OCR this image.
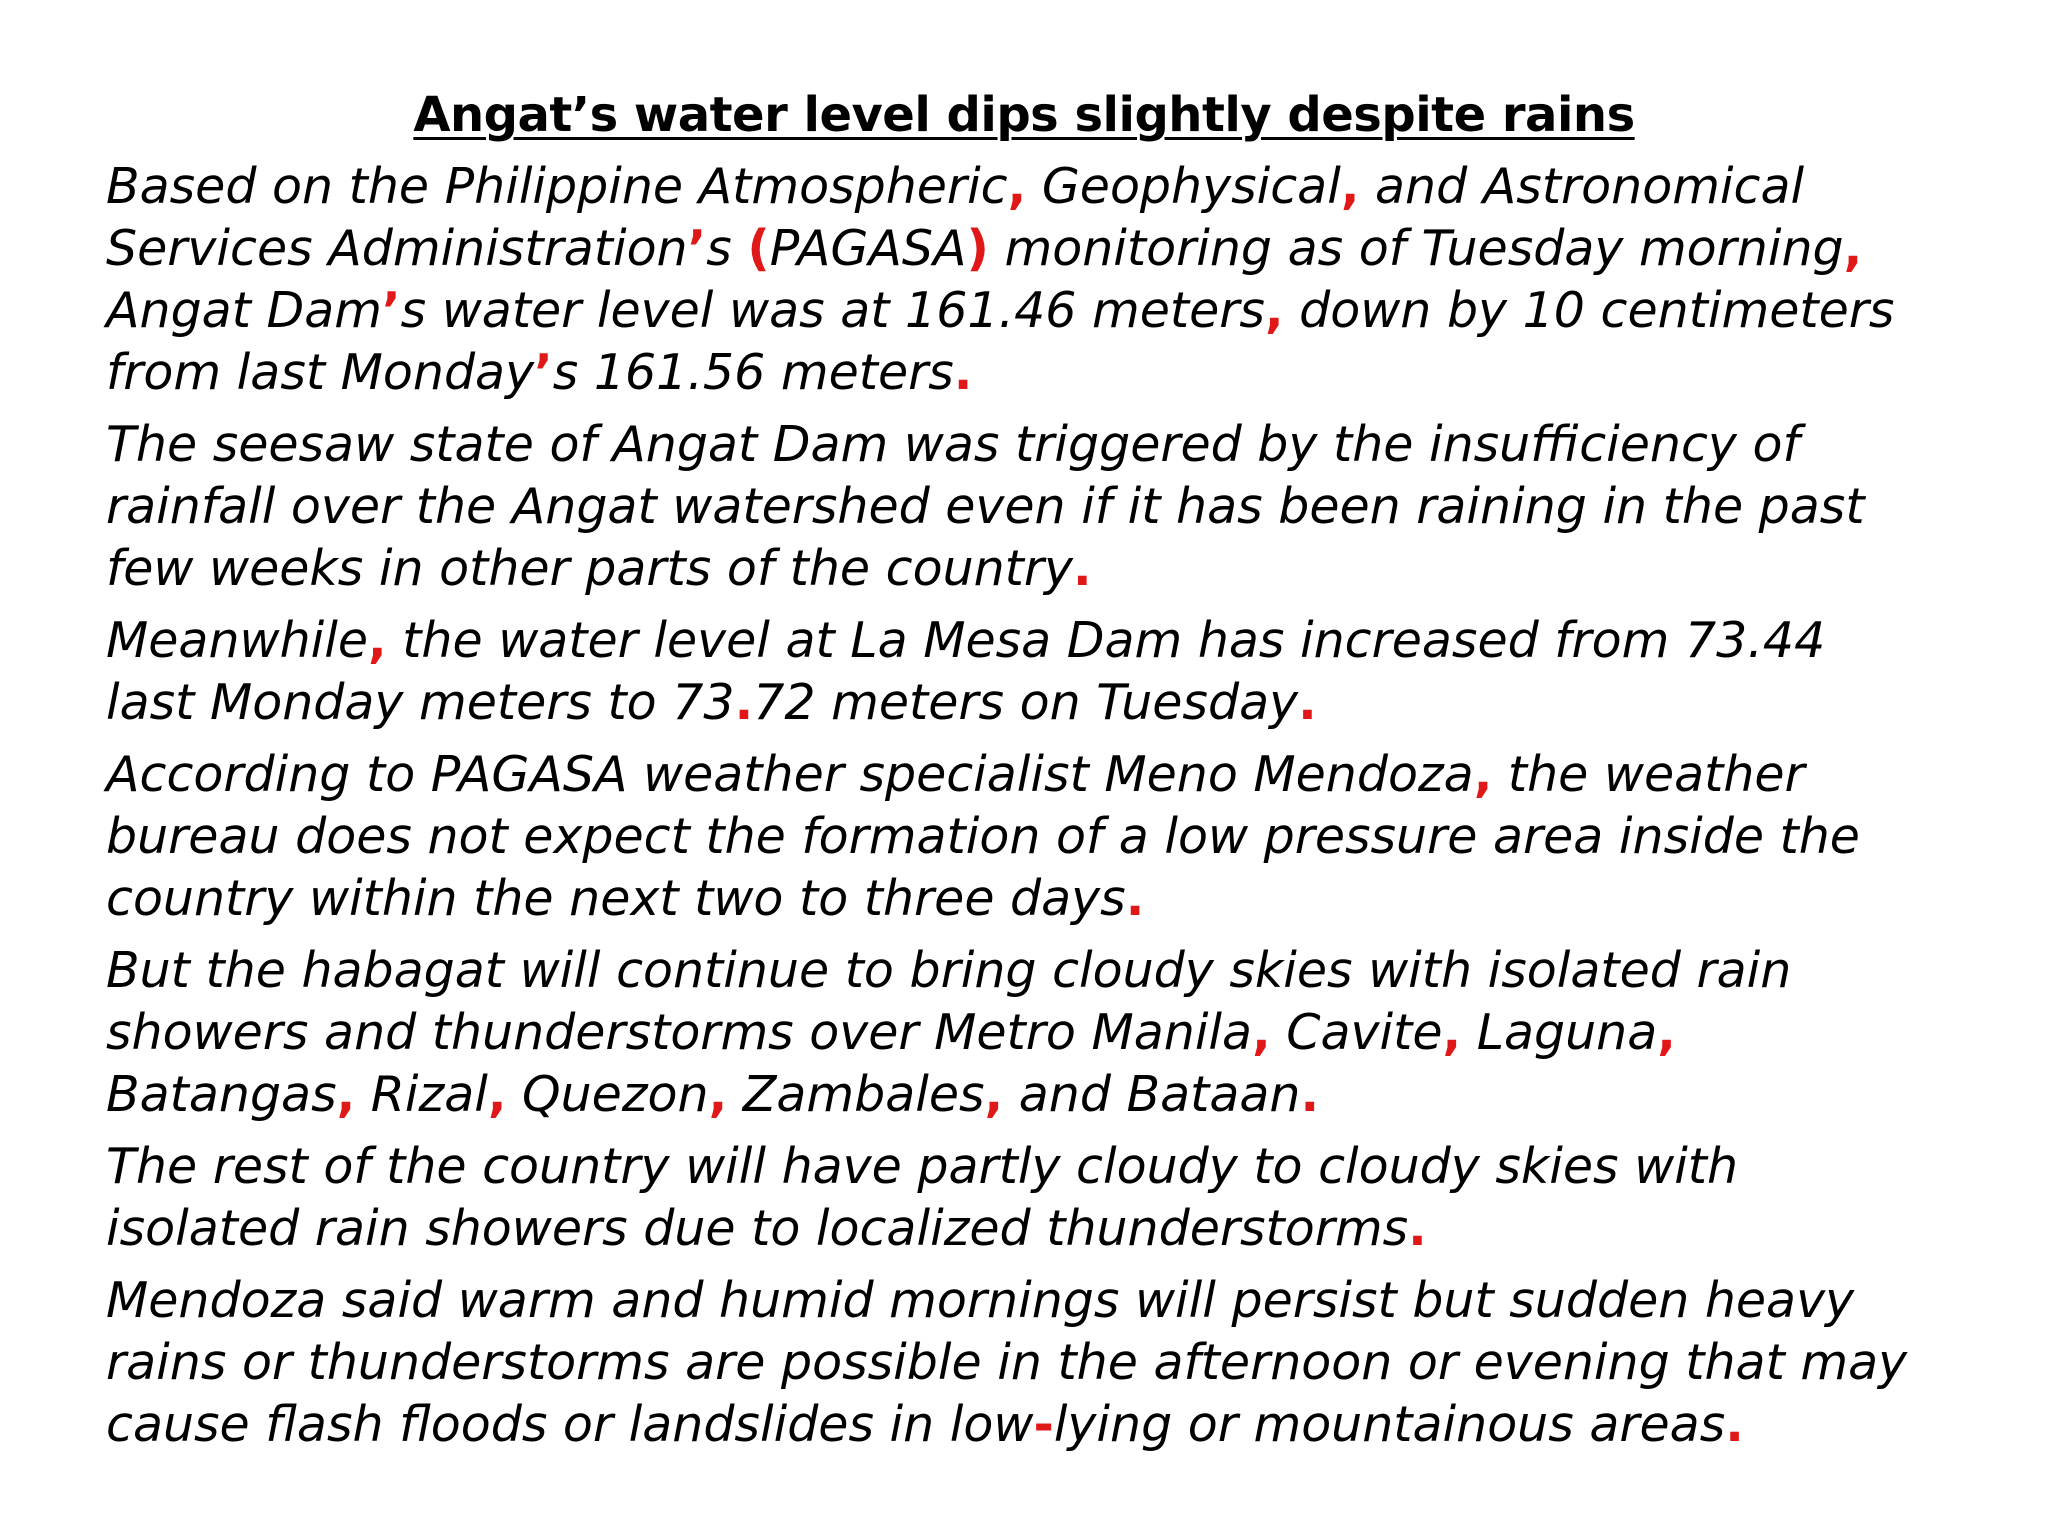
Angat’s water level dips slightly despite rains

Based on the Philippine Atmospheric, Geophysical, and Astronomical
Services Administration’s (PAGASA) monitoring as of Tuesday morning,
Angat Dam’s water level was at 161.46 meters, down by 10 centimeters
from last Monday’s 161.56 meters.

The seesaw state of Angat Dam was triggered by the insufficiency of
rainfall over the Angat watershed even if it has been raining in the past
few weeks in other parts of the country.

Meanwhile, the water level at La Mesa Dam has increased from 73.44
last Monday meters to 73.72 meters on Tuesday.

According to PAGASA weather specialist Meno Mendoza, the weather
bureau does not expect the formation of a low pressure area inside the
country within the next two to three days.

But the habagat will continue to bring cloudy skies with isolated rain
showers and thunderstorms over Metro Manila, Cavite, Laguna,
Batangas, Rizal, Quezon, Zambales, and Bataan.

The rest of the country will have partly cloudy to cloudy skies with
isolated rain showers due to localized thunderstorms.

Mendoza said warm and humid mornings will persist but sudden heavy
rains or thunderstorms are possible in the afternoon or evening that may
cause flash floods or landslides in low-lying or mountainous areas.
